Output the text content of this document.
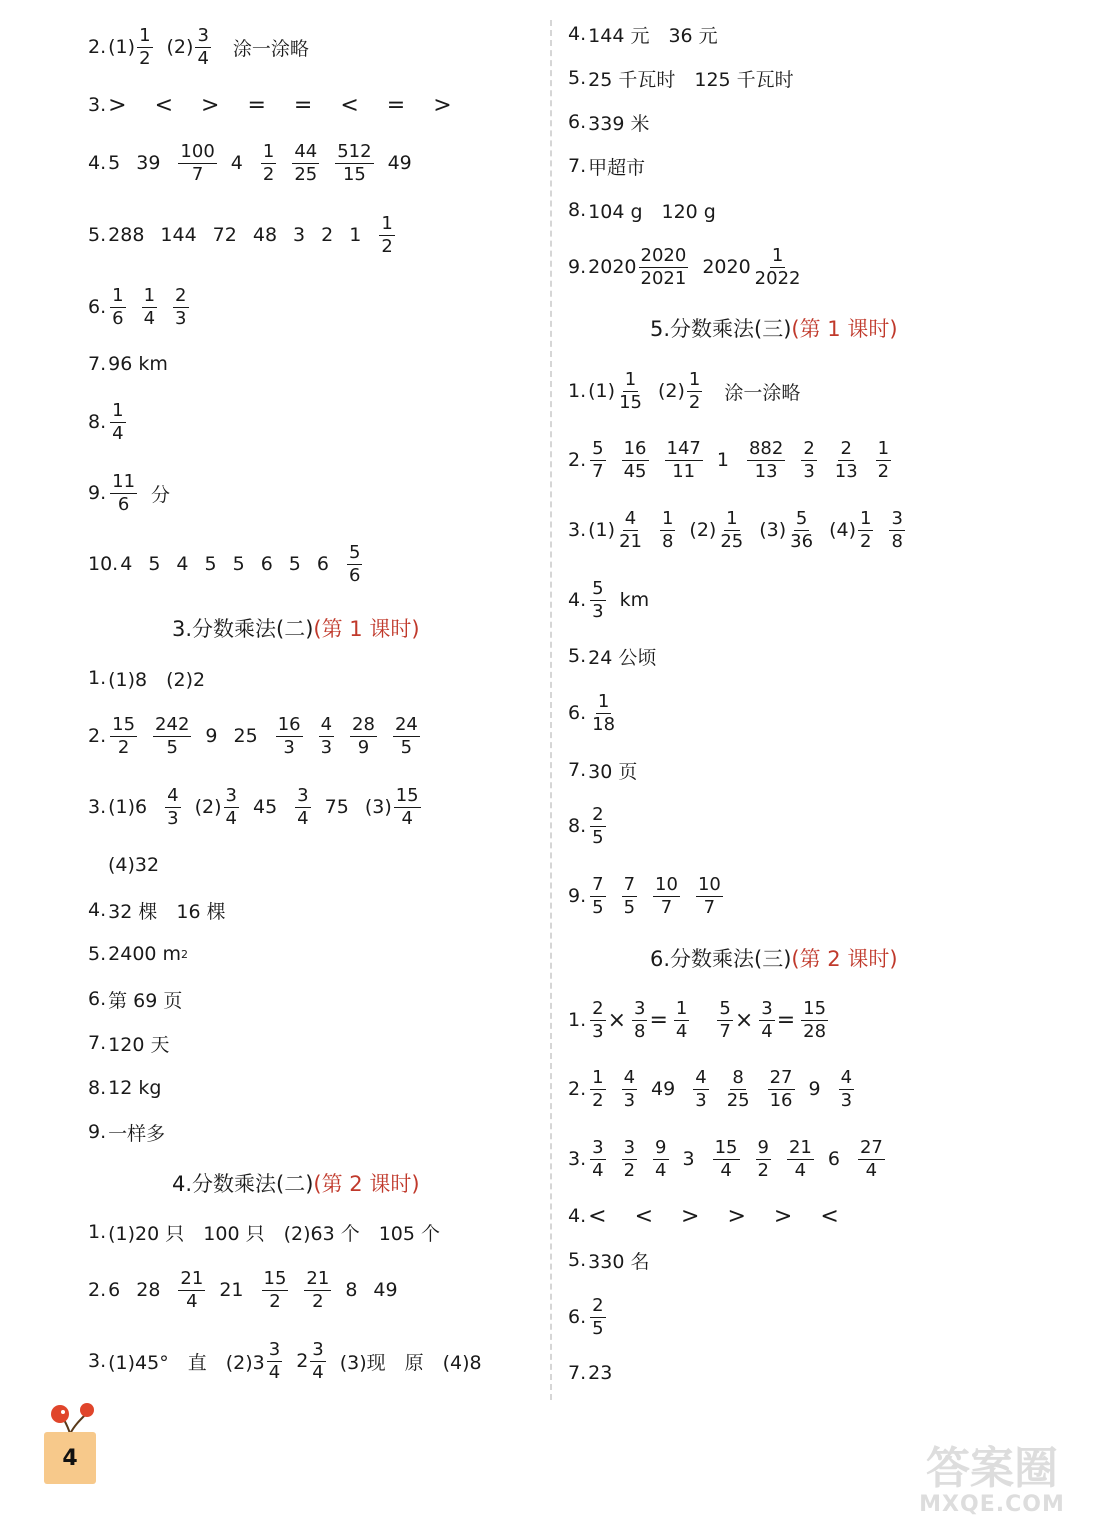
2. $(1) \frac{1}{2} (2) \frac{3}{4}$ 涂一涂略
3. > < > = = < = >
4. 5 $39 \frac{100}{7} 4 \frac{1}{2} \frac{44}{25} \frac{512}{15} 49$
5. 288 144 72 48 3 2 $1 \frac{1}{2}$
6. $\frac{1}{6} \frac{1}{4} \frac{2}{3}$
7. 96 km
8. $\frac{1}{4}$
9. $\frac{11}{6}$ 分
10. 4 5 4 5 5 6 5 $6 \frac{5}{6}$
3.分数乘法(二)(第 1 课时)
1. (1)8　(2)2
2. $\frac{15}{2} \frac{242}{5} 9$ $25 \frac{16}{3} \frac{4}{3} \frac{28}{9} \frac{24}{5}$
3. $(1)6 \frac{4}{3} (2) \frac{3}{4} 45 \frac{3}{4} 75$ $(3) \frac{15}{4}$
(4)32
4. 32 棵　16 棵
5. 2400 m 2
6. 第 69 页
7. 120 天
8. 12 kg
9. 一样多
4.分数乘法(二)(第 2 课时)
1. (1)20 只　100 只　(2)63 个　105 个
2. 6 $28 \frac{21}{4} 21 \frac{15}{2} \frac{21}{2} 8$ 49
3. (1)45°　直　$(2)3 \frac{3}{4} 2 \frac{3}{4} (3)$现　原　(4)8
4. 144 元　36 元
5. 25 千瓦时　125 千瓦时
6. 339 米
7. 甲超市
8. 104 g　120 g
9. $2020 \frac{2020}{2021} 2020 \frac{1}{2022}$
5.分数乘法(三)(第 1 课时)
1. $(1) \frac{1}{15} (2) \frac{1}{2}$ 涂一涂略
2. $\frac{5}{7} \frac{16}{45} \frac{147}{11} 1 \frac{882}{13} \frac{2}{3} \frac{2}{13} \frac{1}{2}$
3. $(1) \frac{4}{21} \frac{1}{8} (2) \frac{1}{25} (3) \frac{5}{36} (4) \frac{1}{2} \frac{3}{8}$
4. $\frac{5}{3}$ km
5. 24 公顷
6. $\frac{1}{18}$
7. 30 页
8. $\frac{2}{5}$
9. $\frac{7}{5} \frac{7}{5} \frac{10}{7} \frac{10}{7}$
6.分数乘法(三)(第 2 课时)
1. $\frac{2}{3} \times \frac{3}{8} = \frac{1}{4} \frac{5}{7} \times \frac{3}{4} = \frac{15}{28}$
2. $\frac{1}{2} \frac{4}{3} 49 \frac{4}{3} \frac{8}{25} \frac{27}{16} 9 \frac{4}{3}$
3. $\frac{3}{4} \frac{3}{2} \frac{9}{4} 3 \frac{15}{4} \frac{9}{2} \frac{21}{4} 6 \frac{27}{4}$
4. < < > > > <
5. 330 名
6. $\frac{2}{5}$
7. 23
4	答案圈
MXQE.COM
